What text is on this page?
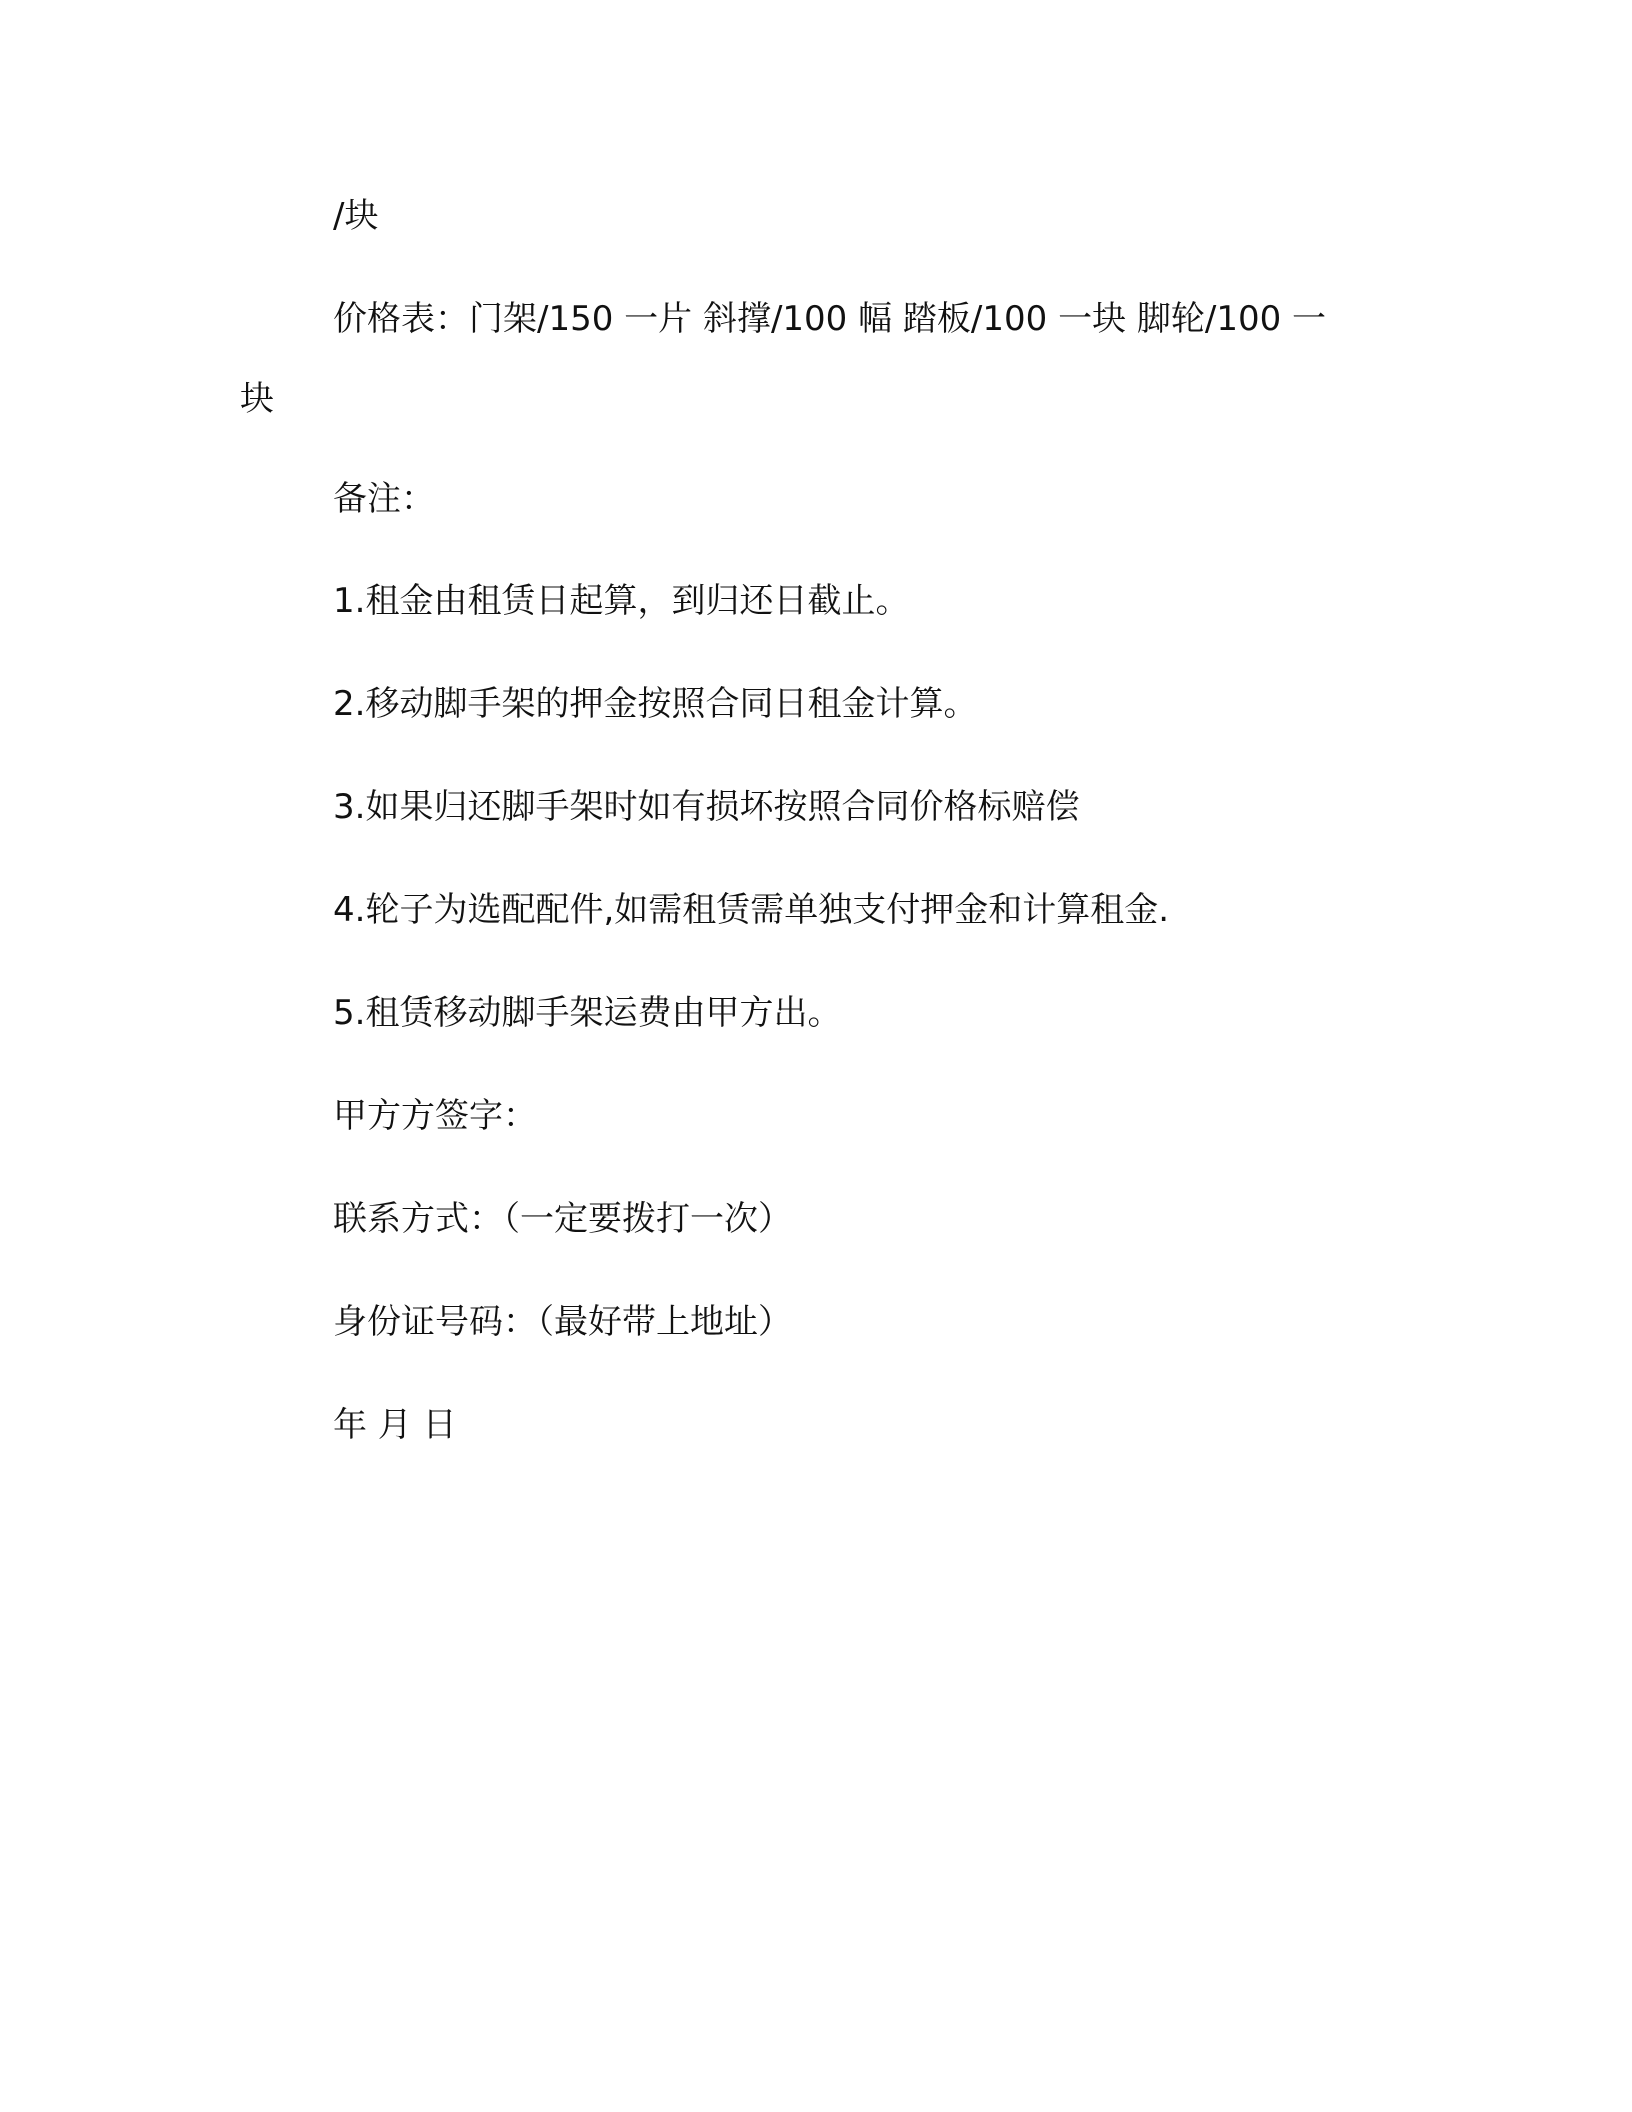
/块
价格表：门架/150 一片 斜撑/100 幅 踏板/100 一块 脚轮/100 一
块
备注：
1.租金由租赁日起算，到归还日截止。
2.移动脚手架的押金按照合同日租金计算。
3.如果归还脚手架时如有损坏按照合同价格标赔偿
4.轮子为选配配件,如需租赁需单独支付押金和计算租金.
5.租赁移动脚手架运费由甲方出。
甲方方签字：
联系方式：（一定要拨打一次）
身份证号码：（最好带上地址）
年 月 日
